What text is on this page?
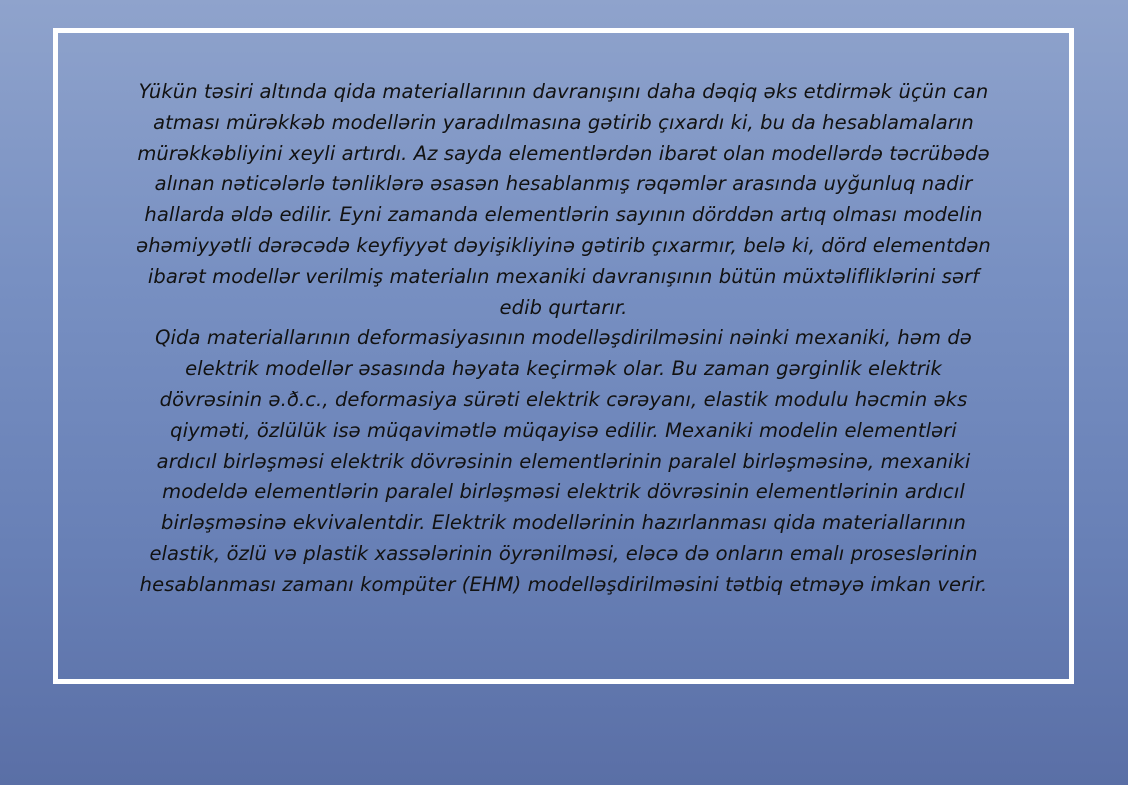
Yükün təsiri altında qida materiallarının davranışını daha dəqiq əks etdirmək üçün can
atması mürəkkəb modellərin yaradılmasına gətirib çıxardı ki, bu da hesablamaların
mürəkkəbliyini xeyli artırdı. Az sayda elementlərdən ibarət olan modellərdə təcrübədə
alınan nəticələrlə tənliklərə əsasən hesablanmış rəqəmlər arasında uyğunluq nadir
hallarda əldə edilir. Eyni zamanda elementlərin sayının dörddən artıq olması modelin
əhəmiyyətli dərəcədə keyfiyyət dəyişikliyinə gətirib çıxarmır, belə ki, dörd elementdən
ibarət modellər verilmiş materialın mexaniki davranışının bütün müxtəlifliklərini sərf
edib qurtarır.
Qida materiallarının deformasiyasının modelləşdirilməsini nəinki mexaniki, həm də
elektrik modellər əsasında həyata keçirmək olar. Bu zaman gərginlik elektrik
dövrəsinin ə.ð.c., deformasiya sürəti elektrik cərəyanı, elastik modulu həcmin əks
qiyməti, özlülük isə müqavimətlə müqayisə edilir. Mexaniki modelin elementləri
ardıcıl birləşməsi elektrik dövrəsinin elementlərinin paralel birləşməsinə, mexaniki
modeldə elementlərin paralel birləşməsi elektrik dövrəsinin elementlərinin ardıcıl
birləşməsinə ekvivalentdir. Elektrik modellərinin hazırlanması qida materiallarının
elastik, özlü və plastik xassələrinin öyrənilməsi, eləcə də onların emalı proseslərinin
hesablanması zamanı kompüter (EHM) modelləşdirilməsini tətbiq etməyə imkan verir.
